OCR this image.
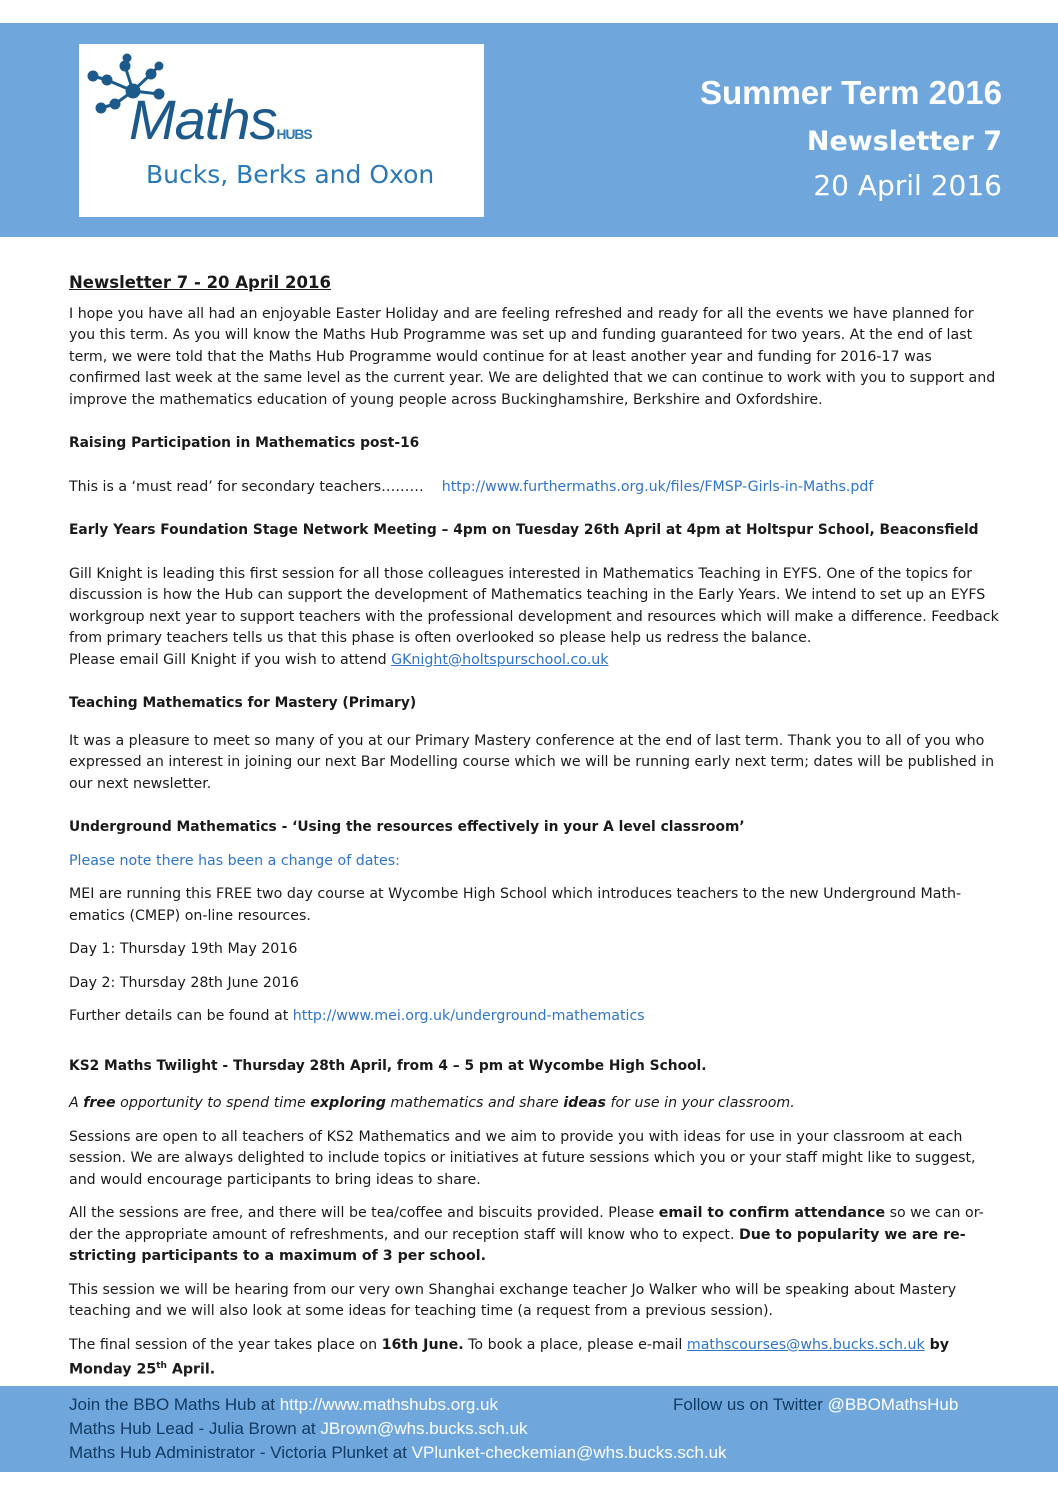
MathsHUBS
Bucks, Berks and Oxon
Summer Term 2016
Newsletter 7
20 April 2016

Newsletter 7 - 20 April 2016

I hope you have all had an enjoyable Easter Holiday and are feeling refreshed and ready for all the events we have planned for you this term. As you will know the Maths Hub Programme was set up and funding guaranteed for two years. At the end of last term, we were told that the Maths Hub Programme would continue for at least another year and funding for 2016-17 was confirmed last week at the same level as the current year. We are delighted that we can continue to work with you to support and improve the mathematics education of young people across Buckinghamshire, Berkshire and Oxfordshire.

Raising Participation in Mathematics post-16

This is a ‘must read’ for secondary teachers……… http://www.furthermaths.org.uk/files/FMSP-Girls-in-Maths.pdf

Early Years Foundation Stage Network Meeting – 4pm on Tuesday 26th April at 4pm at Holtspur School, Beaconsfield

Gill Knight is leading this first session for all those colleagues interested in Mathematics Teaching in EYFS. One of the topics for discussion is how the Hub can support the development of Mathematics teaching in the Early Years. We intend to set up an EYFS workgroup next year to support teachers with the professional development and resources which will make a difference. Feedback from primary teachers tells us that this phase is often overlooked so please help us redress the balance.

Please email Gill Knight if you wish to attend GKnight@holtspurschool.co.uk

Teaching Mathematics for Mastery (Primary)

It was a pleasure to meet so many of you at our Primary Mastery conference at the end of last term. Thank you to all of you who expressed an interest in joining our next Bar Modelling course which we will be running early next term; dates will be published in our next newsletter.

Underground Mathematics - ‘Using the resources effectively in your A level classroom’

Please note there has been a change of dates:

MEI are running this FREE two day course at Wycombe High School which introduces teachers to the new Underground Math-ematics (CMEP) on-line resources.

Day 1: Thursday 19th May 2016

Day 2: Thursday 28th June 2016

Further details can be found at http://www.mei.org.uk/underground-mathematics

KS2 Maths Twilight - Thursday 28th April, from 4 – 5 pm at Wycombe High School.

A free opportunity to spend time exploring mathematics and share ideas for use in your classroom.

Sessions are open to all teachers of KS2 Mathematics and we aim to provide you with ideas for use in your classroom at each session. We are always delighted to include topics or initiatives at future sessions which you or your staff might like to suggest, and would encourage participants to bring ideas to share.

All the sessions are free, and there will be tea/coffee and biscuits provided. Please email to confirm attendance so we can or-der the appropriate amount of refreshments, and our reception staff will know who to expect. Due to popularity we are re-stricting participants to a maximum of 3 per school.

This session we will be hearing from our very own Shanghai exchange teacher Jo Walker who will be speaking about Mastery teaching and we will also look at some ideas for teaching time (a request from a previous session).

The final session of the year takes place on 16th June. To book a place, please e-mail mathscourses@whs.bucks.sch.uk by Monday 25th April.

Join the BBO Maths Hub at http://www.mathshubs.org.uk	Follow us on Twitter @BBOMathsHub
Maths Hub Lead - Julia Brown at JBrown@whs.bucks.sch.uk
Maths Hub Administrator - Victoria Plunket at VPlunket-checkemian@whs.bucks.sch.uk
